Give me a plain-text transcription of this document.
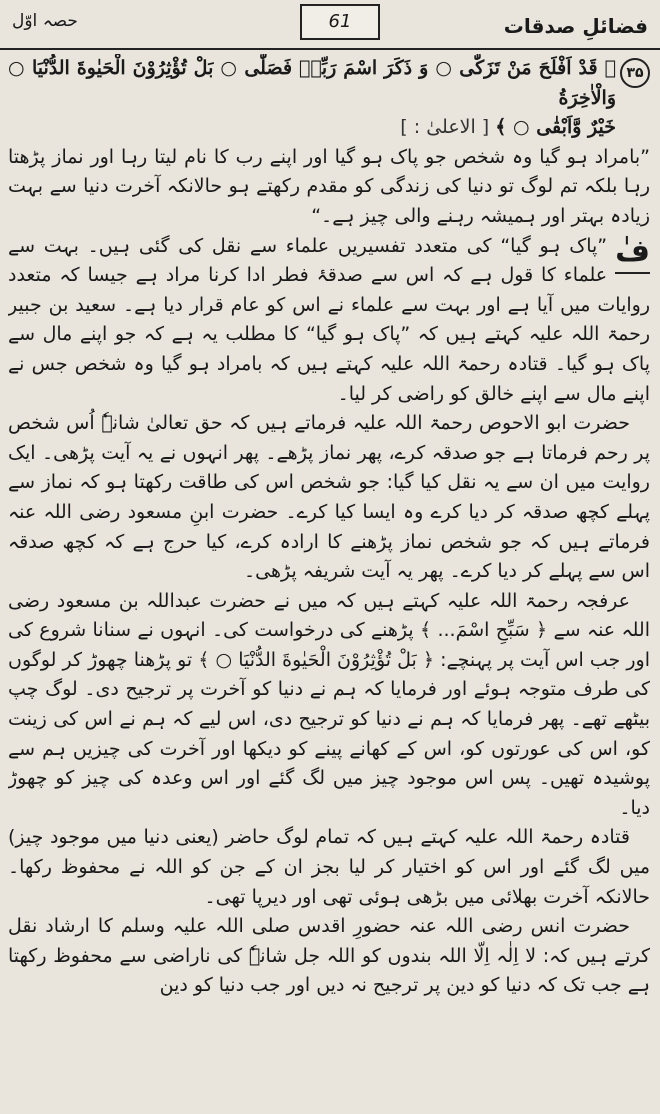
حصہ اوّل	61	فضائلِ صدقات
۳۵

﴿ قَدْ اَفْلَحَ مَنْ تَزَكّٰى ○ وَ ذَكَرَ اسْمَ رَبِّهٖ فَصَلّٰى ○ بَلْ تُؤْثِرُوْنَ الْحَيٰوةَ الدُّنْيَا ○ وَالْاٰخِرَةُ

خَيْرٌ وَّاَبْقٰى ○ ﴾ [ الاعلیٰ : ]

”بامراد ہو گیا وہ شخص جو پاک ہو گیا اور اپنے رب کا نام لیتا رہا اور نماز پڑھتا رہا بلکہ تم لوگ تو دنیا کی زندگی کو مقدم رکھتے ہو حالانکہ آخرت دنیا سے بہت زیادہ بہتر اور ہمیشہ رہنے والی چیز ہے۔“

فٰ

”پاک ہو گیا“ کی متعدد تفسیریں علماء سے نقل کی گئی ہیں۔ بہت سے علماء کا قول ہے کہ اس سے صدقۂ فطر ادا کرنا مراد ہے جیسا کہ متعدد روایات میں آیا ہے اور بہت سے علماء نے اس کو عام قرار دیا ہے۔ سعید بن جبیر رحمۃ اللہ علیہ کہتے ہیں کہ ”پاک ہو گیا“ کا مطلب یہ ہے کہ جو اپنے مال سے پاک ہو گیا۔ قتادہ رحمۃ اللہ علیہ کہتے ہیں کہ بامراد ہو گیا وہ شخص جس نے اپنے مال سے اپنے خالق کو راضی کر لیا۔

حضرت ابو الاحوص رحمۃ اللہ علیہ فرماتے ہیں کہ حق تعالیٰ شانہٗ اُس شخص پر رحم فرماتا ہے جو صدقہ کرے، پھر نماز پڑھے۔ پھر انہوں نے یہ آیت پڑھی۔ ایک روایت میں ان سے یہ نقل کیا گیا: جو شخص اس کی طاقت رکھتا ہو کہ نماز سے پہلے کچھ صدقہ کر دیا کرے وہ ایسا کیا کرے۔ حضرت ابنِ مسعود رضی اللہ عنہ فرماتے ہیں کہ جو شخص نماز پڑھنے کا ارادہ کرے، کیا حرج ہے کہ کچھ صدقہ اس سے پہلے کر دیا کرے۔ پھر یہ آیت شریفہ پڑھی۔

عرفجہ رحمۃ اللہ علیہ کہتے ہیں کہ میں نے حضرت عبداللہ بن مسعود رضی اللہ عنہ سے ﴿ سَبِّحِ اسْمَ... ﴾ پڑھنے کی درخواست کی۔ انہوں نے سنانا شروع کی اور جب اس آیت پر پہنچے: ﴿ بَلْ تُؤْثِرُوْنَ الْحَيٰوةَ الدُّنْيَا ○ ﴾ تو پڑھنا چھوڑ کر لوگوں کی طرف متوجہ ہوئے اور فرمایا کہ ہم نے دنیا کو آخرت پر ترجیح دی۔ لوگ چپ بیٹھے تھے۔ پھر فرمایا کہ ہم نے دنیا کو ترجیح دی، اس لیے کہ ہم نے اس کی زینت کو، اس کی عورتوں کو، اس کے کھانے پینے کو دیکھا اور آخرت کی چیزیں ہم سے پوشیدہ تھیں۔ پس اس موجود چیز میں لگ گئے اور اس وعدہ کی چیز کو چھوڑ دیا۔

قتادہ رحمۃ اللہ علیہ کہتے ہیں کہ تمام لوگ حاضر (یعنی دنیا میں موجود چیز) میں لگ گئے اور اس کو اختیار کر لیا بجز ان کے جن کو اللہ نے محفوظ رکھا۔ حالانکہ آخرت بھلائی میں بڑھی ہوئی تھی اور دیرپا تھی۔

حضرت انس رضی اللہ عنہ حضورِ اقدس صلی اللہ علیہ وسلم کا ارشاد نقل کرتے ہیں کہ: لا اِلٰہ اِلّا اللہ بندوں کو اللہ جل شانہٗ کی ناراضی سے محفوظ رکھتا ہے جب تک کہ دنیا کو دین پر ترجیح نہ دیں اور جب دنیا کو دین
